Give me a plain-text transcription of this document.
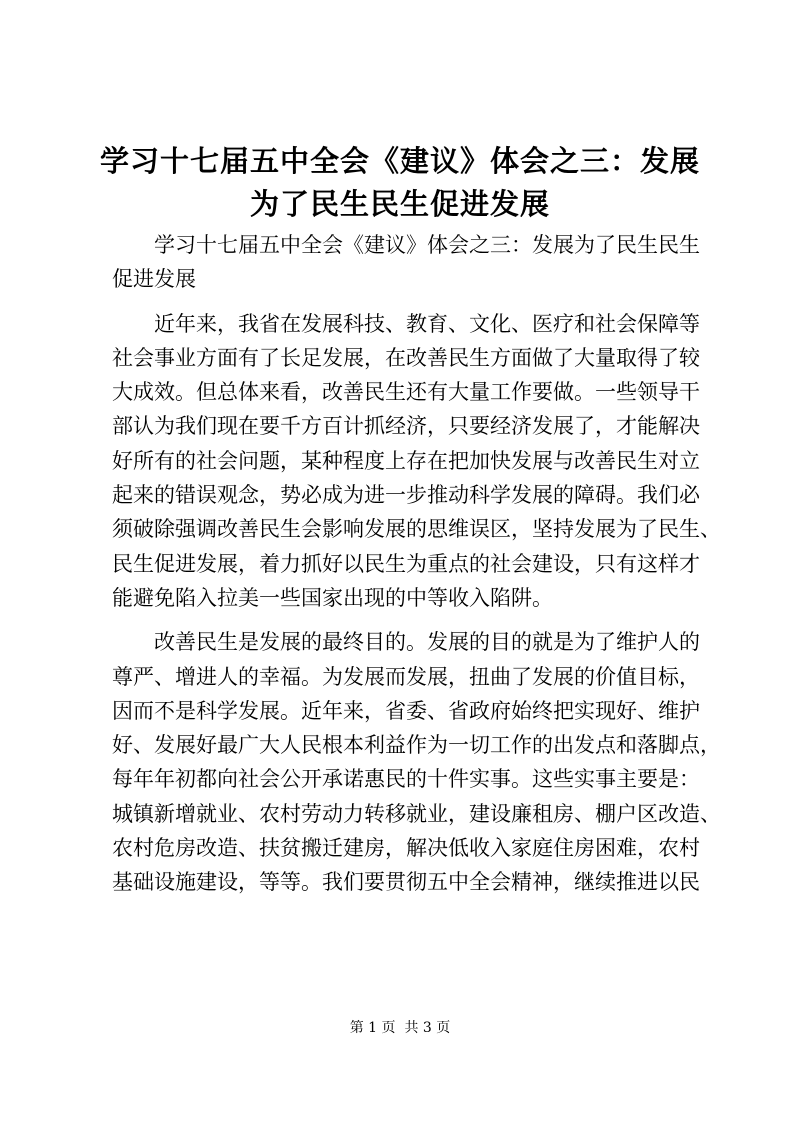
学习十七届五中全会《建议》体会之三：发展
为了民生民生促进发展

学习十七届五中全会《建议》体会之三：发展为了民生民生
促进发展

近年来，我省在发展科技、教育、文化、医疗和社会保障等
社会事业方面有了长足发展，在改善民生方面做了大量取得了较
大成效。但总体来看，改善民生还有大量工作要做。一些领导干
部认为我们现在要千方百计抓经济，只要经济发展了，才能解决
好所有的社会问题，某种程度上存在把加快发展与改善民生对立
起来的错误观念，势必成为进一步推动科学发展的障碍。我们必
须破除强调改善民生会影响发展的思维误区，坚持发展为了民生、
民生促进发展，着力抓好以民生为重点的社会建设，只有这样才
能避免陷入拉美一些国家出现的中等收入陷阱。

改善民生是发展的最终目的。发展的目的就是为了维护人的
尊严、增进人的幸福。为发展而发展，扭曲了发展的价值目标，
因而不是科学发展。近年来，省委、省政府始终把实现好、维护
好、发展好最广大人民根本利益作为一切工作的出发点和落脚点，
每年年初都向社会公开承诺惠民的十件实事。这些实事主要是：
城镇新增就业、农村劳动力转移就业，建设廉租房、棚户区改造、
农村危房改造、扶贫搬迁建房，解决低收入家庭住房困难，农村
基础设施建设，等等。我们要贯彻五中全会精神，继续推进以民

第 1 页  共 3 页
